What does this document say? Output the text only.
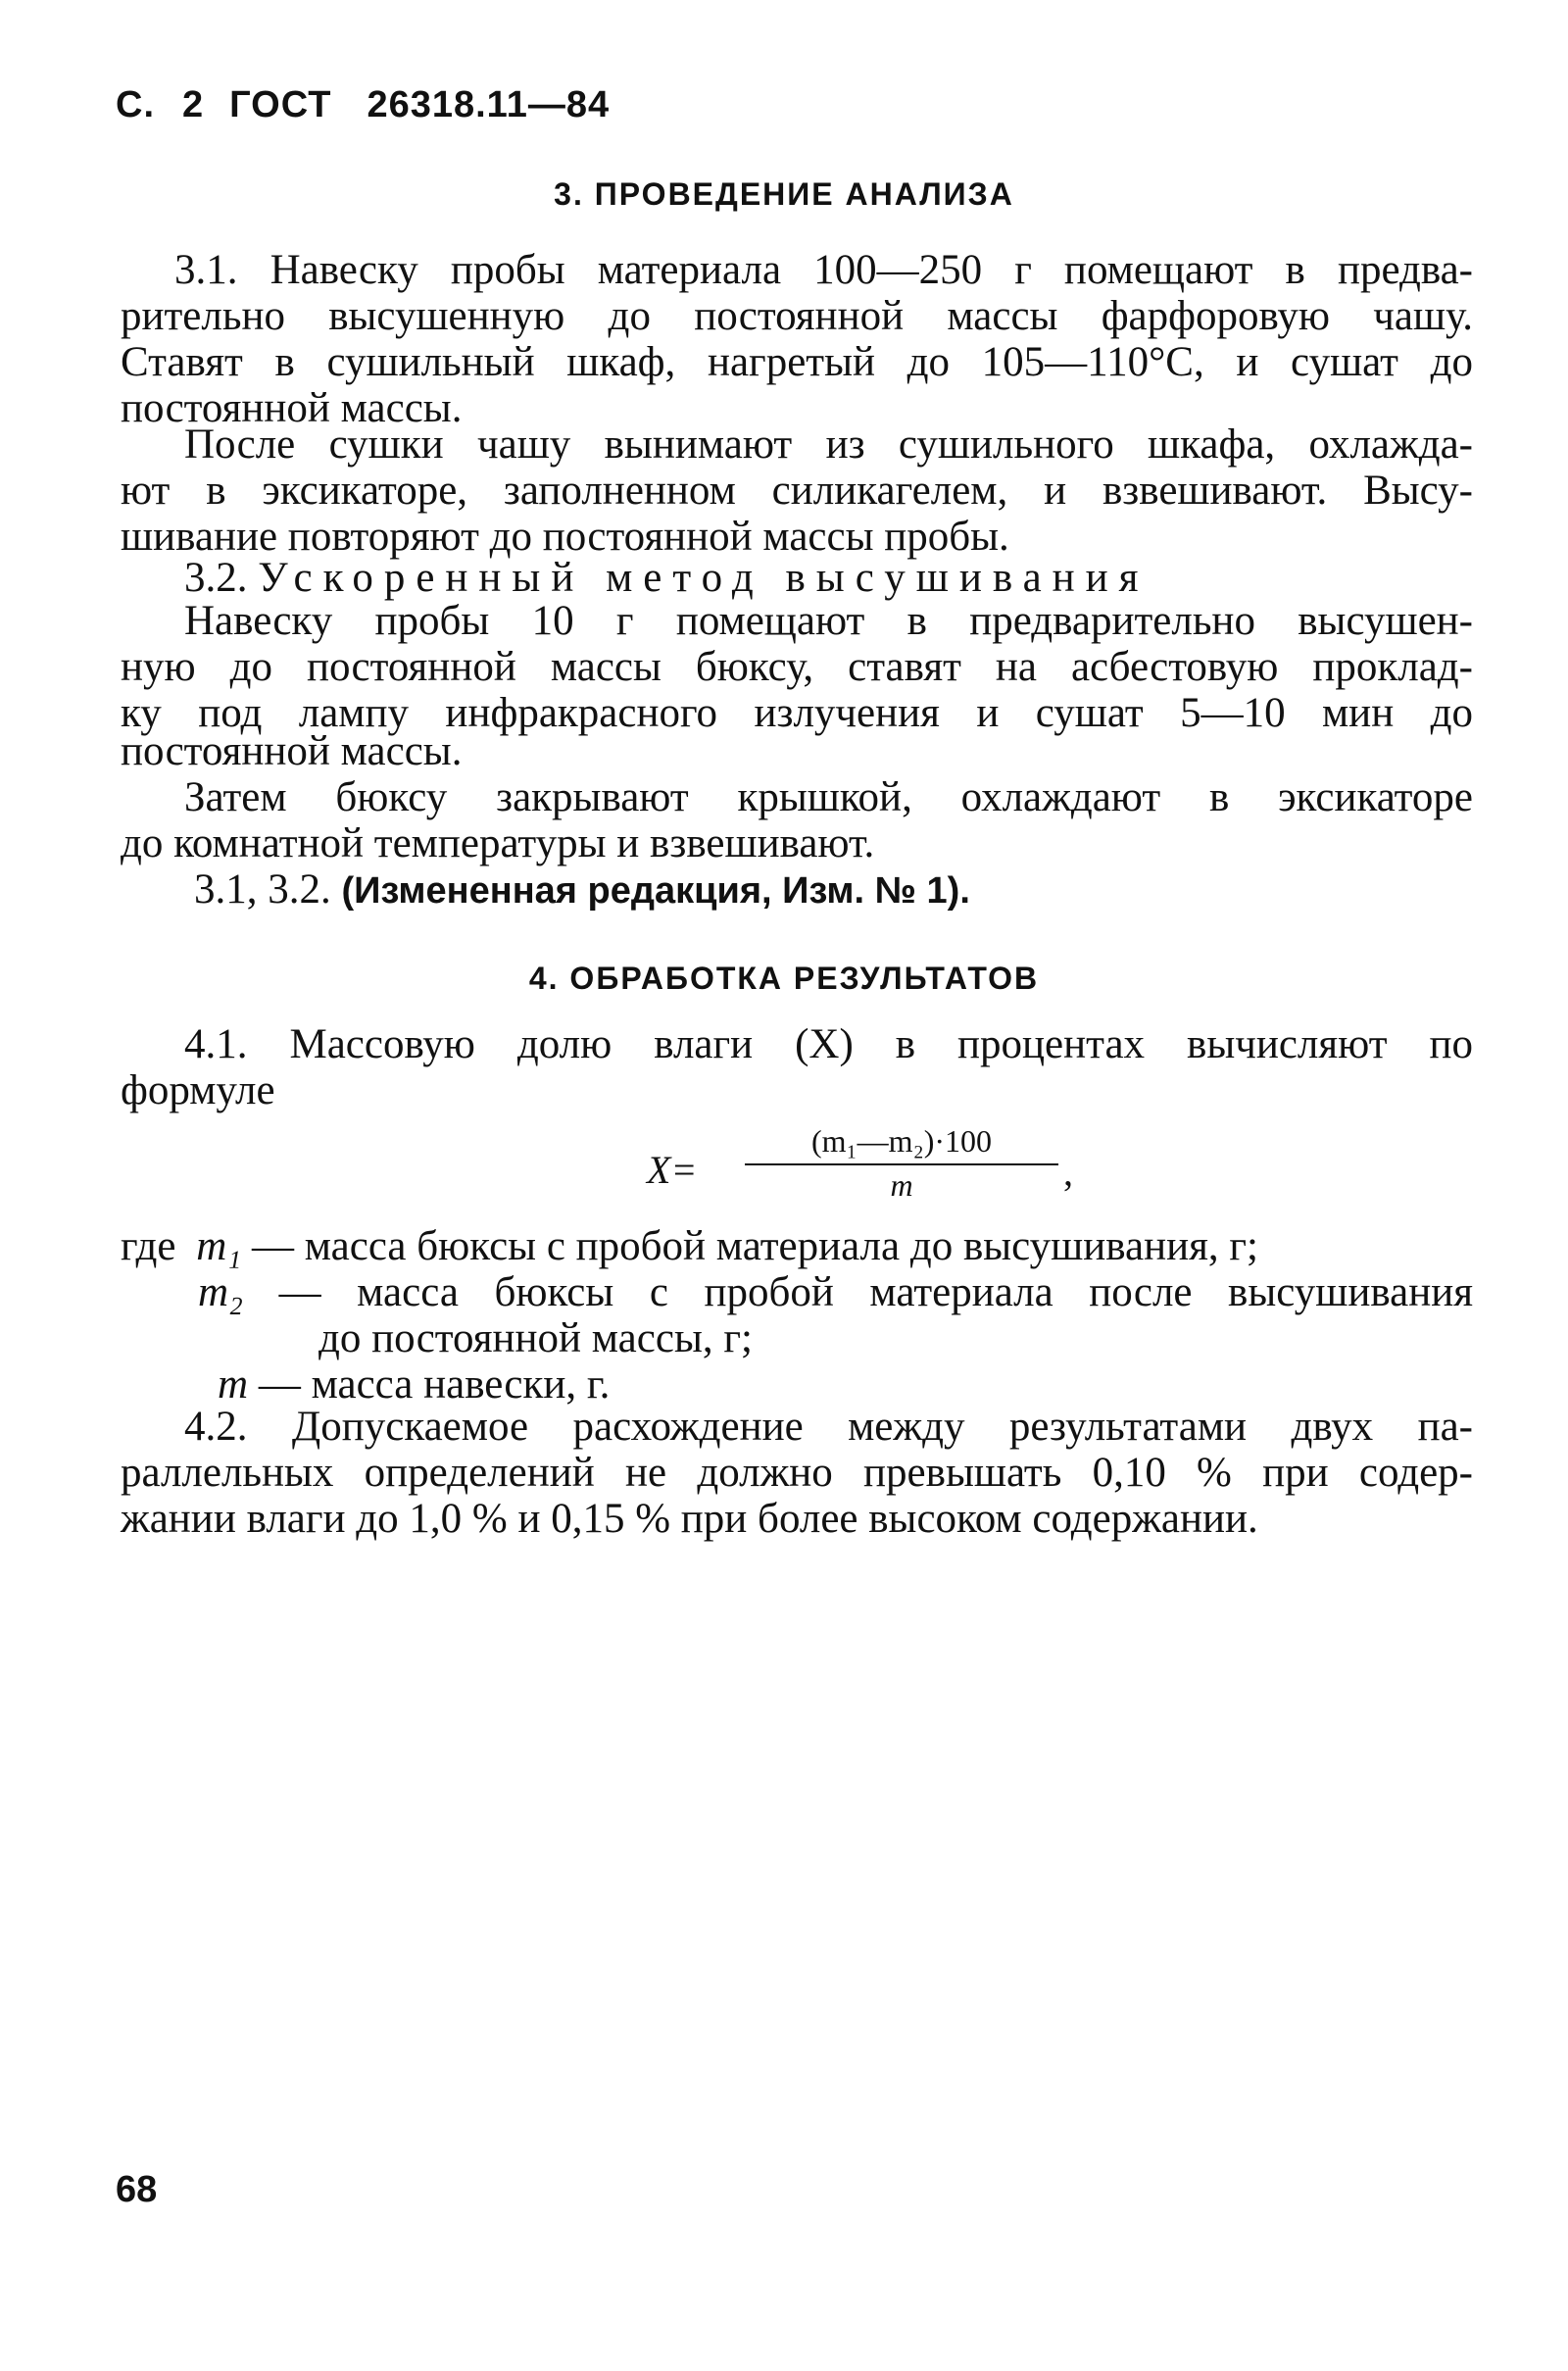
С. 2 ГОСТ 26318.11—84
3. ПРОВЕДЕНИЕ АНАЛИЗА
3.1. Навеску пробы материала 100—250 г помещают в предва-
рительно высушенную до постоянной массы фарфоровую чашу.
Ставят в сушильный шкаф, нагретый до 105—110°С, и сушат до
постоянной массы.
После сушки чашу вынимают из сушильного шкафа, охлажда-
ют в эксикаторе, заполненном силикагелем, и взвешивают. Высу-
шивание повторяют до постоянной массы пробы.
3.2. Ускоренный метод высушивания
Навеску пробы 10 г помещают в предварительно высушен-
ную до постоянной массы бюксу, ставят на асбестовую проклад-
ку под лампу инфракрасного излучения и сушат 5—10 мин до
постоянной массы.
Затем бюксу закрывают крышкой, охлаждают в эксикаторе
до комнатной температуры и взвешивают.
3.1, 3.2. (Измененная редакция, Изм. № 1).
4. ОБРАБОТКА РЕЗУЛЬТАТОВ
4.1. Массовую долю влаги (X) в процентах вычисляют по
формуле
X=
(m₁—m₂)·100
m	,
где m₁ — масса бюксы с пробой материала до высушивания, г;
m₂ — масса бюксы с пробой материала после высушивания
до постоянной массы, г;
m — масса навески, г.
4.2. Допускаемое расхождение между результатами двух па-
раллельных определений не должно превышать 0,10 % при содер-
жании влаги до 1,0 % и 0,15 % при более высоком содержании.
68
